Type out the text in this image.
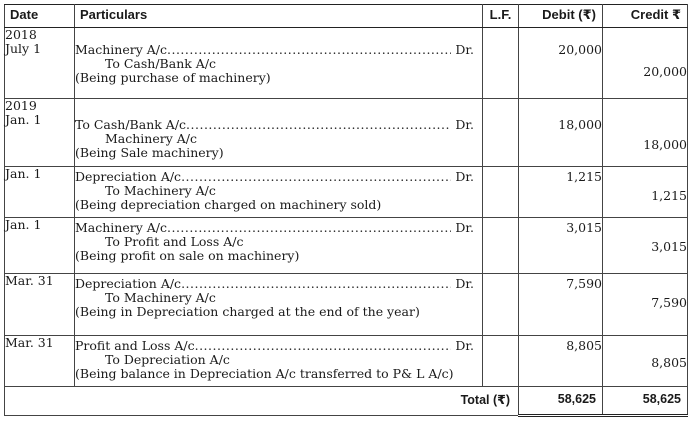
Date	Particulars	L.F.	Debit (₹)	Credit ₹

2018
July 1	Machinery A/c ..... Dr.
To Cash/Bank A/c
(Being purchase of machinery)		20,000	20,000

2019
Jan. 1	To Cash/Bank A/c ..... Dr.
Machinery A/c
(Being Sale machinery)		18,000	18,000

Jan. 1	Depreciation A/c ..... Dr.
To Machinery A/c
(Being depreciation charged on machinery sold)		1,215	1,215

Jan. 1	Machinery A/c ..... Dr.
To Profit and Loss A/c
(Being profit on sale on machinery)		3,015	3,015

Mar. 31	Depreciation A/c ..... Dr.
To Machinery A/c
(Being in Depreciation charged at the end of the year)		7,590	7,590

Mar. 31	Profit and Loss A/c ..... Dr.
To Depreciation A/c
(Being balance in Depreciation A/c transferred to P& L A/c)		8,805	8,805

	Total (₹)		58,625	58,625
